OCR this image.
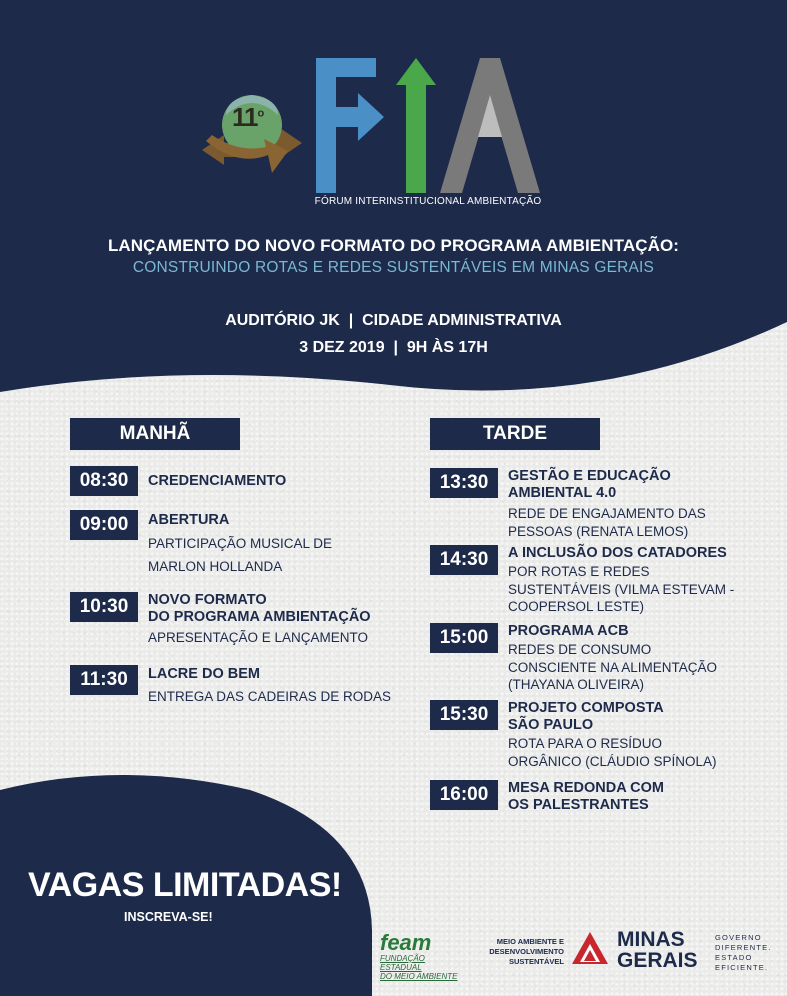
11$^o$
FÓRUM INTERINSTITUCIONAL AMBIENTAÇÃO
LANÇAMENTO DO NOVO FORMATO DO PROGRAMA AMBIENTAÇÃO:
CONSTRUINDO ROTAS E REDES SUSTENTÁVEIS EM MINAS GERAIS
AUDITÓRIO JK  |  CIDADE ADMINISTRATIVA
3 DEZ 2019  |  9H ÀS 17H
MANHÃ	TARDE
08:30	CREDENCIAMENTO
09:00	ABERTURA
PARTICIPAÇÃO MUSICAL DE
MARLON HOLLANDA
10:30	NOVO FORMATO
DO PROGRAMA AMBIENTAÇÃO
APRESENTAÇÃO E LANÇAMENTO
11:30	LACRE DO BEM
ENTREGA DAS CADEIRAS DE RODAS
13:30	GESTÃO E EDUCAÇÃO
AMBIENTAL 4.0
REDE DE ENGAJAMENTO DAS
PESSOAS (RENATA LEMOS)
14:30	A INCLUSÃO DOS CATADORES
POR ROTAS E REDES
SUSTENTÁVEIS (VILMA ESTEVAM -
COOPERSOL LESTE)
15:00	PROGRAMA ACB
REDES DE CONSUMO
CONSCIENTE NA ALIMENTAÇÃO
(THAYANA OLIVEIRA)
15:30	PROJETO COMPOSTA
SÃO PAULO
ROTA PARA O RESÍDUO
ORGÂNICO (CLÁUDIO SPÍNOLA)
16:00	MESA REDONDA COM
OS PALESTRANTES
VAGAS LIMITADAS!
INSCREVA-SE!
feam
FUNDAÇÃO ESTADUAL
DO MEIO AMBIENTE
MEIO AMBIENTE E
DESENVOLVIMENTO
SUSTENTÁVEL
MINAS
GERAIS
GOVERNO
DIFERENTE.
ESTADO
EFICIENTE.
